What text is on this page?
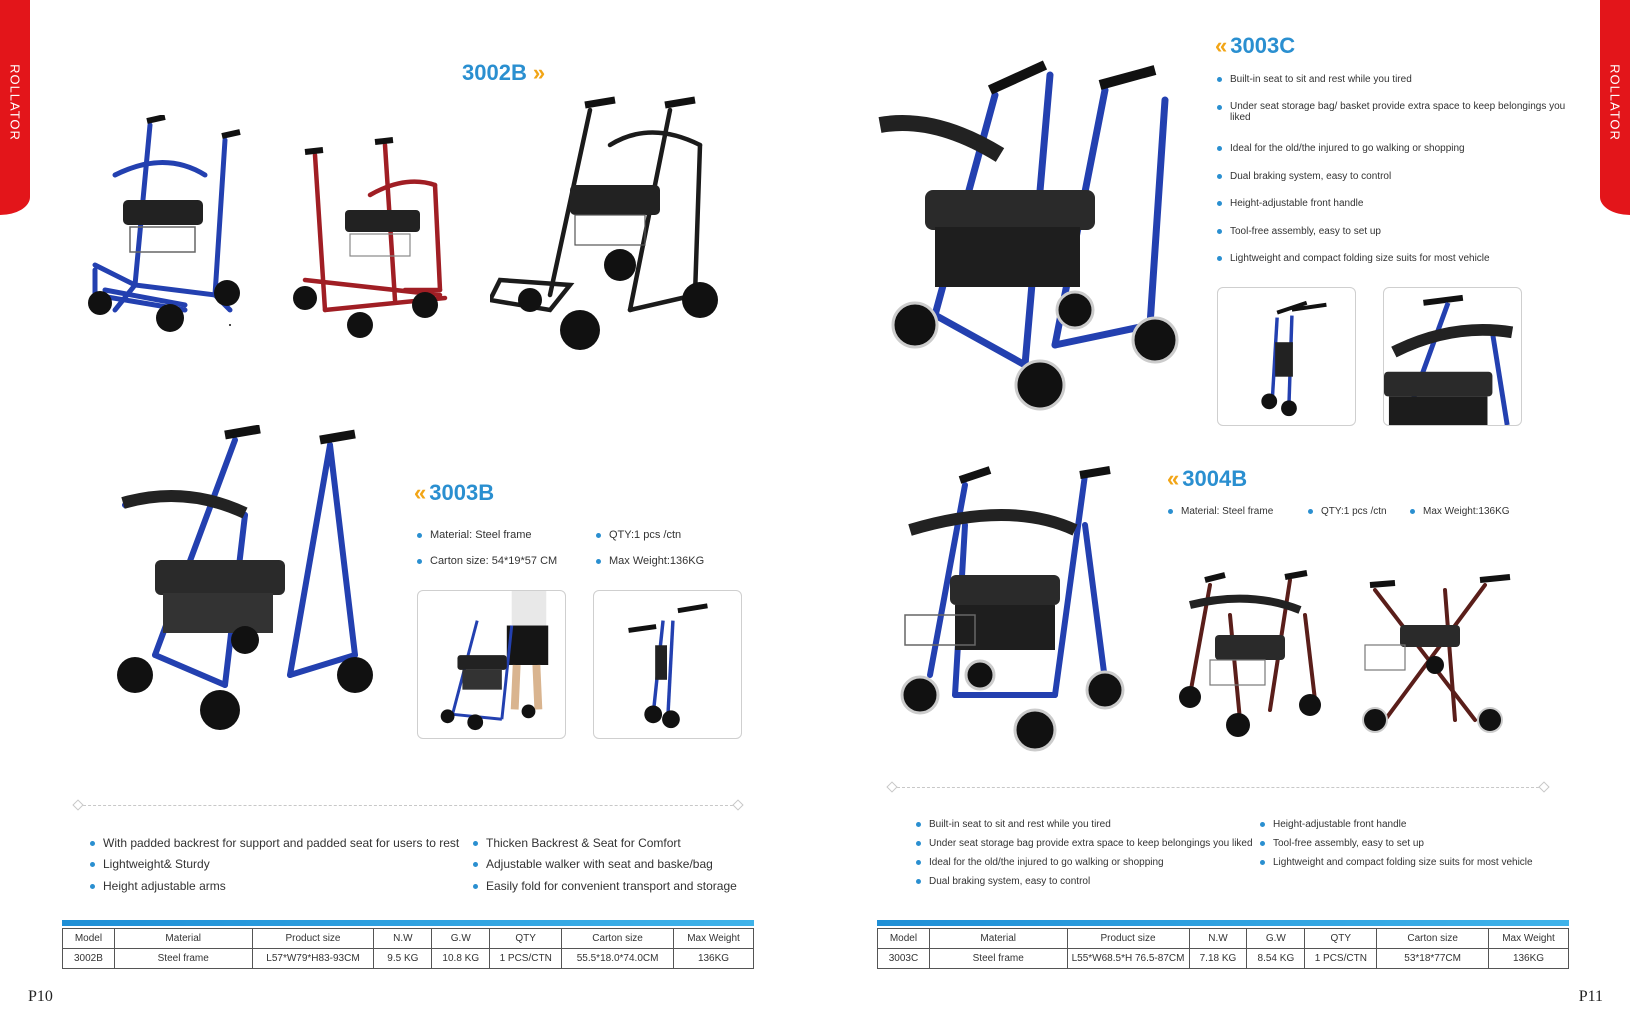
ROLLATOR	3002B »
« 3003B
Material: Steel frame	QTY:1 pcs /ctn
Carton size: 54*19*57 CM	Max Weight:136KG
With padded backrest for support and padded seat for users to rest
Lightweight& Sturdy
Height adjustable arms
Thicken Backrest & Seat for Comfort
Adjustable walker with seat and baske/bag
Easily fold for convenient transport and storage
Model	Material	Product size	N.W	G.W	QTY	Carton size	Max Weight
3002B	Steel frame	L57*W79*H83-93CM	9.5 KG	10.8 KG	1 PCS/CTN	55.5*18.0*74.0CM	136KG
P10
ROLLATOR
« 3003C
Built-in seat to sit and rest while you tired
Under seat storage bag/ basket provide extra space to keep belongings you liked
Ideal for the old/the injured to go walking or shopping
Dual braking system, easy to control
Height-adjustable front handle
Tool-free assembly, easy to set up
Lightweight and compact folding size suits for most vehicle
« 3004B
Material: Steel frame	QTY:1 pcs /ctn	Max Weight:136KG
Built-in seat to sit and rest while you tired
Under seat storage bag provide extra space to keep belongings you liked
Ideal for the old/the injured to go walking or shopping
Dual braking system, easy to control
Height-adjustable front handle
Tool-free assembly, easy to set up
Lightweight and compact folding size suits for most vehicle
Model	Material	Product size	N.W	G.W	QTY	Carton size	Max Weight
3003C	Steel frame	L55*W68.5*H 76.5-87CM	7.18 KG	8.54 KG	1 PCS/CTN	53*18*77CM	136KG
P11
